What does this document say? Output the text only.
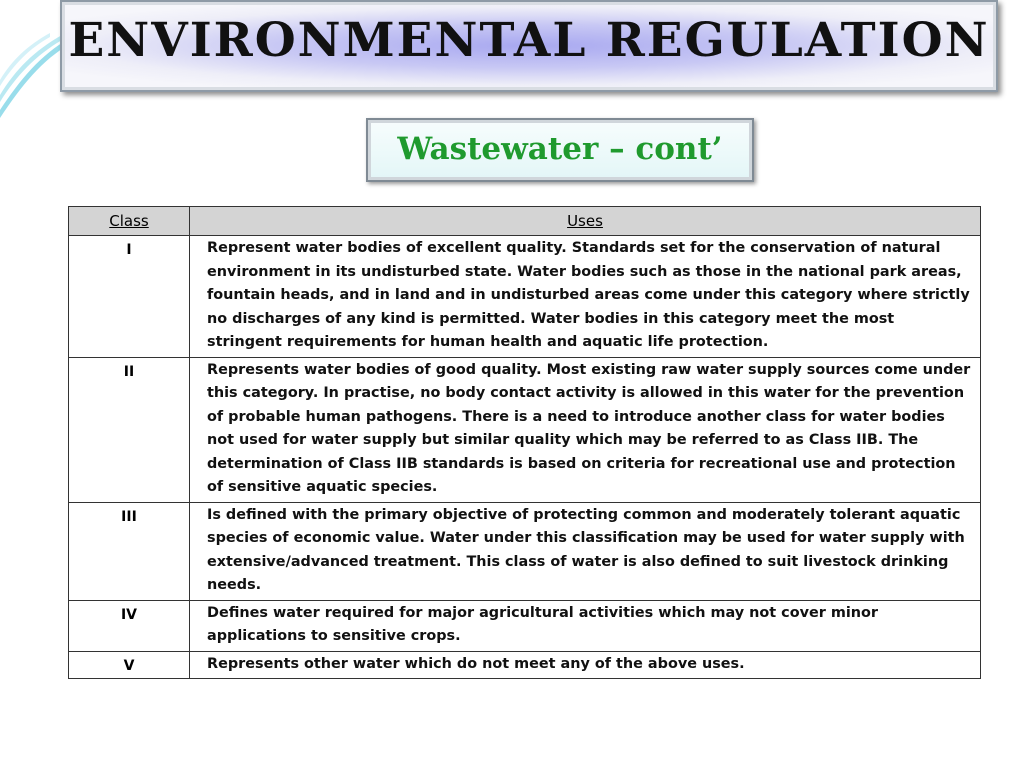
ENVIRONMENTAL REGULATION
Wastewater – cont’
Class	Uses
I	Represent water bodies of excellent quality. Standards set for the conservation of natural environment in its undisturbed state. Water bodies such as those in the national park areas, fountain heads, and in land and in undisturbed areas come under this category where strictly no discharges of any kind is permitted. Water bodies in this category meet the most stringent requirements for human health and aquatic life protection.
II	Represents water bodies of good quality. Most existing raw water supply sources come under this category. In practise, no body contact activity is allowed in this water for the prevention of probable human pathogens. There is a need to introduce another class for water bodies not used for water supply but similar quality which may be referred to as Class IIB. The determination of Class IIB standards is based on criteria for recreational use and protection of sensitive aquatic species.
III	Is defined with the primary objective of protecting common and moderately tolerant aquatic species of economic value. Water under this classification may be used for water supply with extensive/advanced treatment. This class of water is also defined to suit livestock drinking needs.
IV	Defines water required for major agricultural activities which may not cover minor applications to sensitive crops.
V	Represents other water which do not meet any of the above uses.
